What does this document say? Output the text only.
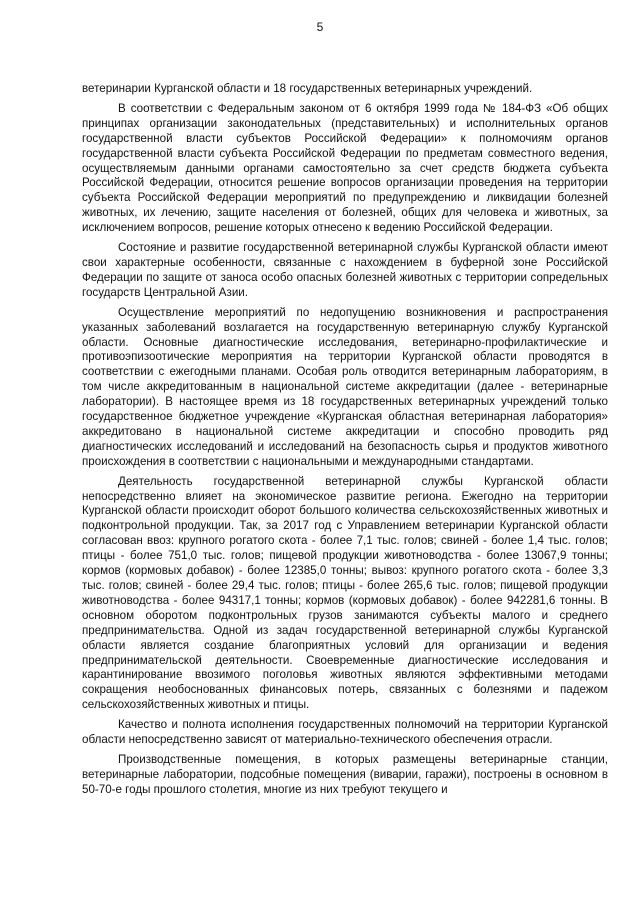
5

ветеринарии Курганской области и 18 государственных ветеринарных учреждений.

В соответствии с Федеральным законом от 6 октября 1999 года № 184-ФЗ «Об общих принципах организации законодательных (представительных) и исполнительных органов государственной власти субъектов Российской Федерации» к полномочиям органов государственной власти субъекта Российской Федерации по предметам совместного ведения, осуществляемым данными органами самостоятельно за счет средств бюджета субъекта Российской Федерации, относится решение вопросов организации проведения на территории субъекта Российской Федерации мероприятий по предупреждению и ликвидации болезней животных, их лечению, защите населения от болезней, общих для человека и животных, за исключением вопросов, решение которых отнесено к ведению Российской Федерации.

Состояние и развитие государственной ветеринарной службы Курганской области имеют свои характерные особенности, связанные с нахождением в буферной зоне Российской Федерации по защите от заноса особо опасных болезней животных с территории сопредельных государств Центральной Азии.

Осуществление мероприятий по недопущению возникновения и распространения указанных заболеваний возлагается на государственную ветеринарную службу Курганской области. Основные диагностические исследования, ветеринарно-профилактические и противоэпизоотические мероприятия на территории Курганской области проводятся в соответствии с ежегодными планами. Особая роль отводится ветеринарным лабораториям, в том числе аккредитованным в национальной системе аккредитации (далее - ветеринарные лаборатории). В настоящее время из 18 государственных ветеринарных учреждений только государственное бюджетное учреждение «Курганская областная ветеринарная лаборатория» аккредитовано в национальной системе аккредитации и способно проводить ряд диагностических исследований и исследований на безопасность сырья и продуктов животного происхождения в соответствии с национальными и международными стандартами.

Деятельность государственной ветеринарной службы Курганской области непосредственно влияет на экономическое развитие региона. Ежегодно на территории Курганской области происходит оборот большого количества сельскохозяйственных животных и подконтрольной продукции. Так, за 2017 год с Управлением ветеринарии Курганской области согласован ввоз: крупного рогатого скота - более 7,1 тыс. голов; свиней - более 1,4 тыс. голов; птицы - более 751,0 тыс. голов; пищевой продукции животноводства - более 13067,9 тонны; кормов (кормовых добавок) - более 12385,0 тонны; вывоз: крупного рогатого скота - более 3,3 тыс. голов; свиней - более 29,4 тыс. голов; птицы - более 265,6 тыс. голов; пищевой продукции животноводства - более 94317,1 тонны; кормов (кормовых добавок) - более 942281,6 тонны. В основном оборотом подконтрольных грузов занимаются субъекты малого и среднего предпринимательства. Одной из задач государственной ветеринарной службы Курганской области является создание благоприятных условий для организации и ведения предпринимательской деятельности. Своевременные диагностические исследования и карантинирование ввозимого поголовья животных являются эффективными методами сокращения необоснованных финансовых потерь, связанных с болезнями и падежом сельскохозяйственных животных и птицы.

Качество и полнота исполнения государственных полномочий на территории Курганской области непосредственно зависят от материально-технического обеспечения отрасли.

Производственные помещения, в которых размещены ветеринарные станции, ветеринарные лаборатории, подсобные помещения (виварии, гаражи), построены в основном в 50-70-е годы прошлого столетия, многие из них требуют текущего и
